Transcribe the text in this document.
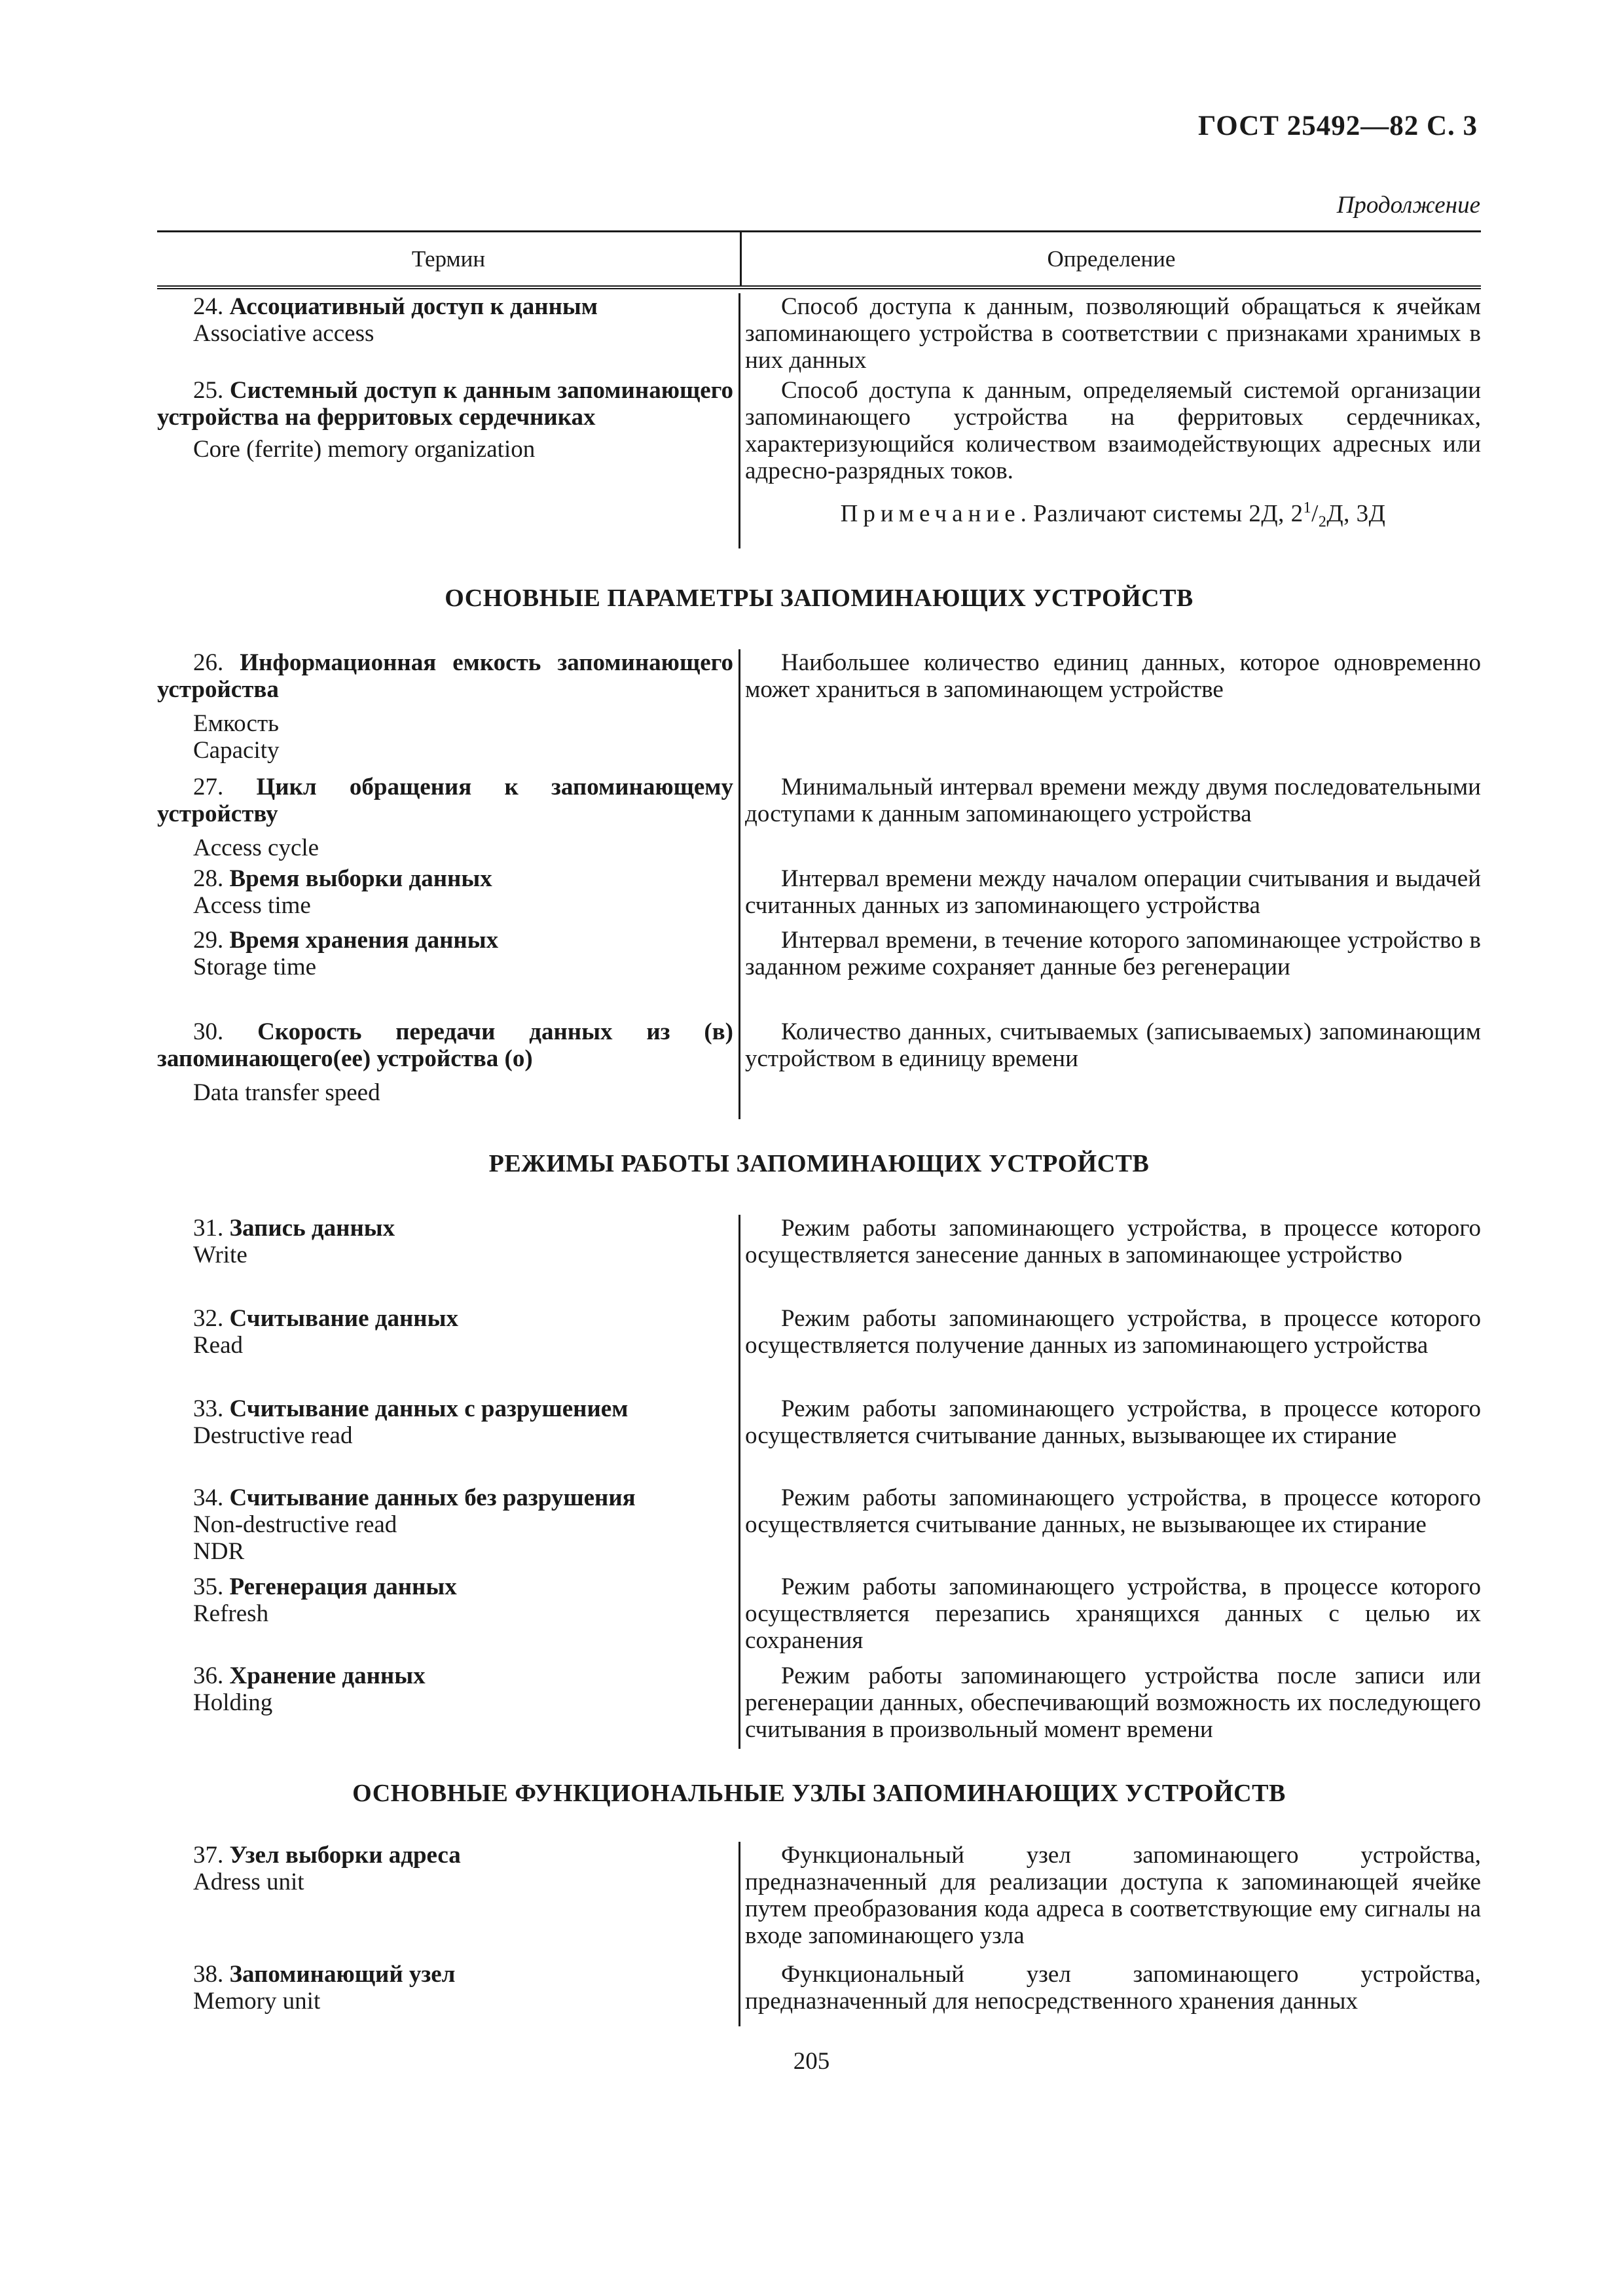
ГОСТ 25492—82 С. 3
Продолжение
Термин	Определение

24. Ассоциативный доступ к данным

Associative access

Способ доступа к данным, позволяющий обращаться к ячейкам запоминающего устройства в соответствии с признаками хранимых в них данных

25. Системный доступ к данным запоминающего устройства на ферритовых сердечниках

Core (ferrite) memory organization

Способ доступа к данным, определяемый системой организации запоминающего устройства на ферритовых сердечниках, характеризующийся количеством взаимодействующих адресных или адресно-разрядных токов.

Примечание. Различают системы 2Д, $2^1/_2Д$, 3Д

ОСНОВНЫЕ ПАРАМЕТРЫ ЗАПОМИНАЮЩИХ УСТРОЙСТВ

26. Информационная емкость запоминающего устройства

Емкость

Capacity

Наибольшее количество единиц данных, которое одновременно может храниться в запоминающем устройстве

27. Цикл обращения к запоминающему устройству

Access cycle

Минимальный интервал времени между двумя последовательными доступами к данным запоминающего устройства

28. Время выборки данных

Access time

Интервал времени между началом операции считывания и выдачей считанных данных из запоминающего устройства

29. Время хранения данных

Storage time

Интервал времени, в течение которого запоминающее устройство в заданном режиме сохраняет данные без регенерации

30. Скорость передачи данных из (в) запоминающего(ее) устройства (о)

Data transfer speed

Количество данных, считываемых (записываемых) запоминающим устройством в единицу времени

РЕЖИМЫ РАБОТЫ ЗАПОМИНАЮЩИХ УСТРОЙСТВ

31. Запись данных

Write

Режим работы запоминающего устройства, в процессе которого осуществляется занесение данных в запоминающее устройство

32. Считывание данных

Read

Режим работы запоминающего устройства, в процессе которого осуществляется получение данных из запоминающего устройства

33. Считывание данных с разрушением

Destructive read

Режим работы запоминающего устройства, в процессе которого осуществляется считывание данных, вызывающее их стирание

34. Считывание данных без разрушения

Non-destructive read

NDR

Режим работы запоминающего устройства, в процессе которого осуществляется считывание данных, не вызывающее их стирание

35. Регенерация данных

Refresh

Режим работы запоминающего устройства, в процессе которого осуществляется перезапись хранящихся данных с целью их сохранения

36. Хранение данных

Holding

Режим работы запоминающего устройства после записи или регенерации данных, обеспечивающий возможность их последующего считывания в произвольный момент времени

ОСНОВНЫЕ ФУНКЦИОНАЛЬНЫЕ УЗЛЫ ЗАПОМИНАЮЩИХ УСТРОЙСТВ

37. Узел выборки адреса

Adress unit

Функциональный узел запоминающего устройства, предназначенный для реализации доступа к запоминающей ячейке путем преобразования кода адреса в соответствующие ему сигналы на входе запоминающего узла

38. Запоминающий узел

Memory unit

Функциональный узел запоминающего устройства, предназначенный для непосредственного хранения данных

205
